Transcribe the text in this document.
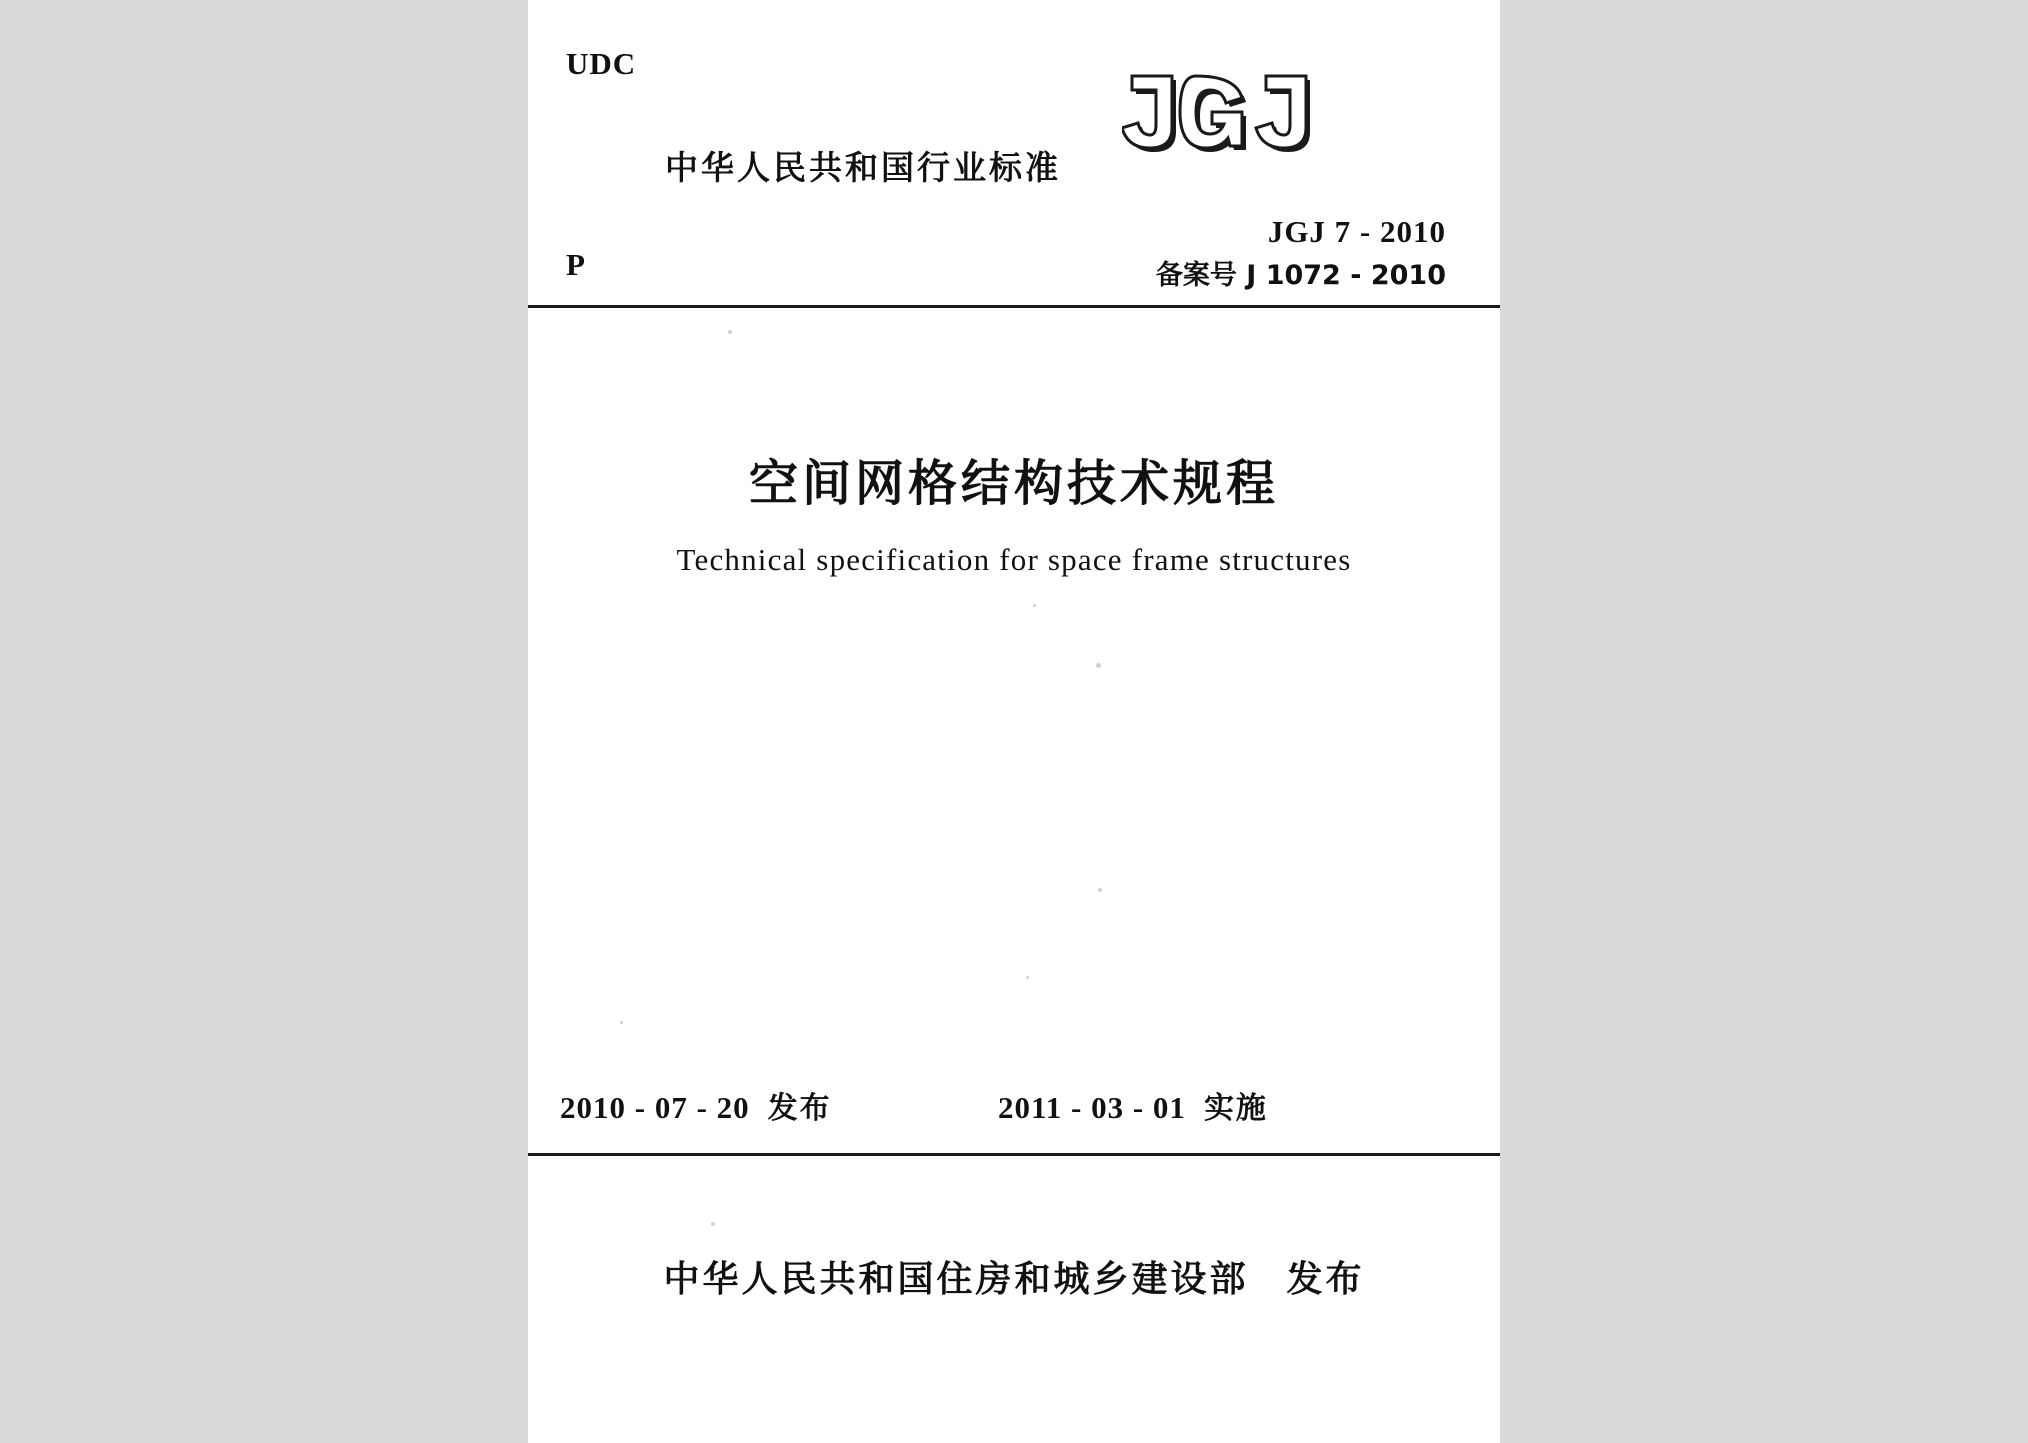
UDC
P
中华人民共和国行业标准
JGJ 7 - 2010
备案号 J 1072 - 2010
空间网格结构技术规程
Technical specification for space frame structures
2010 - 07 - 20 发布	2011 - 03 - 01 实施
中华人民共和国住房和城乡建设部 发布
